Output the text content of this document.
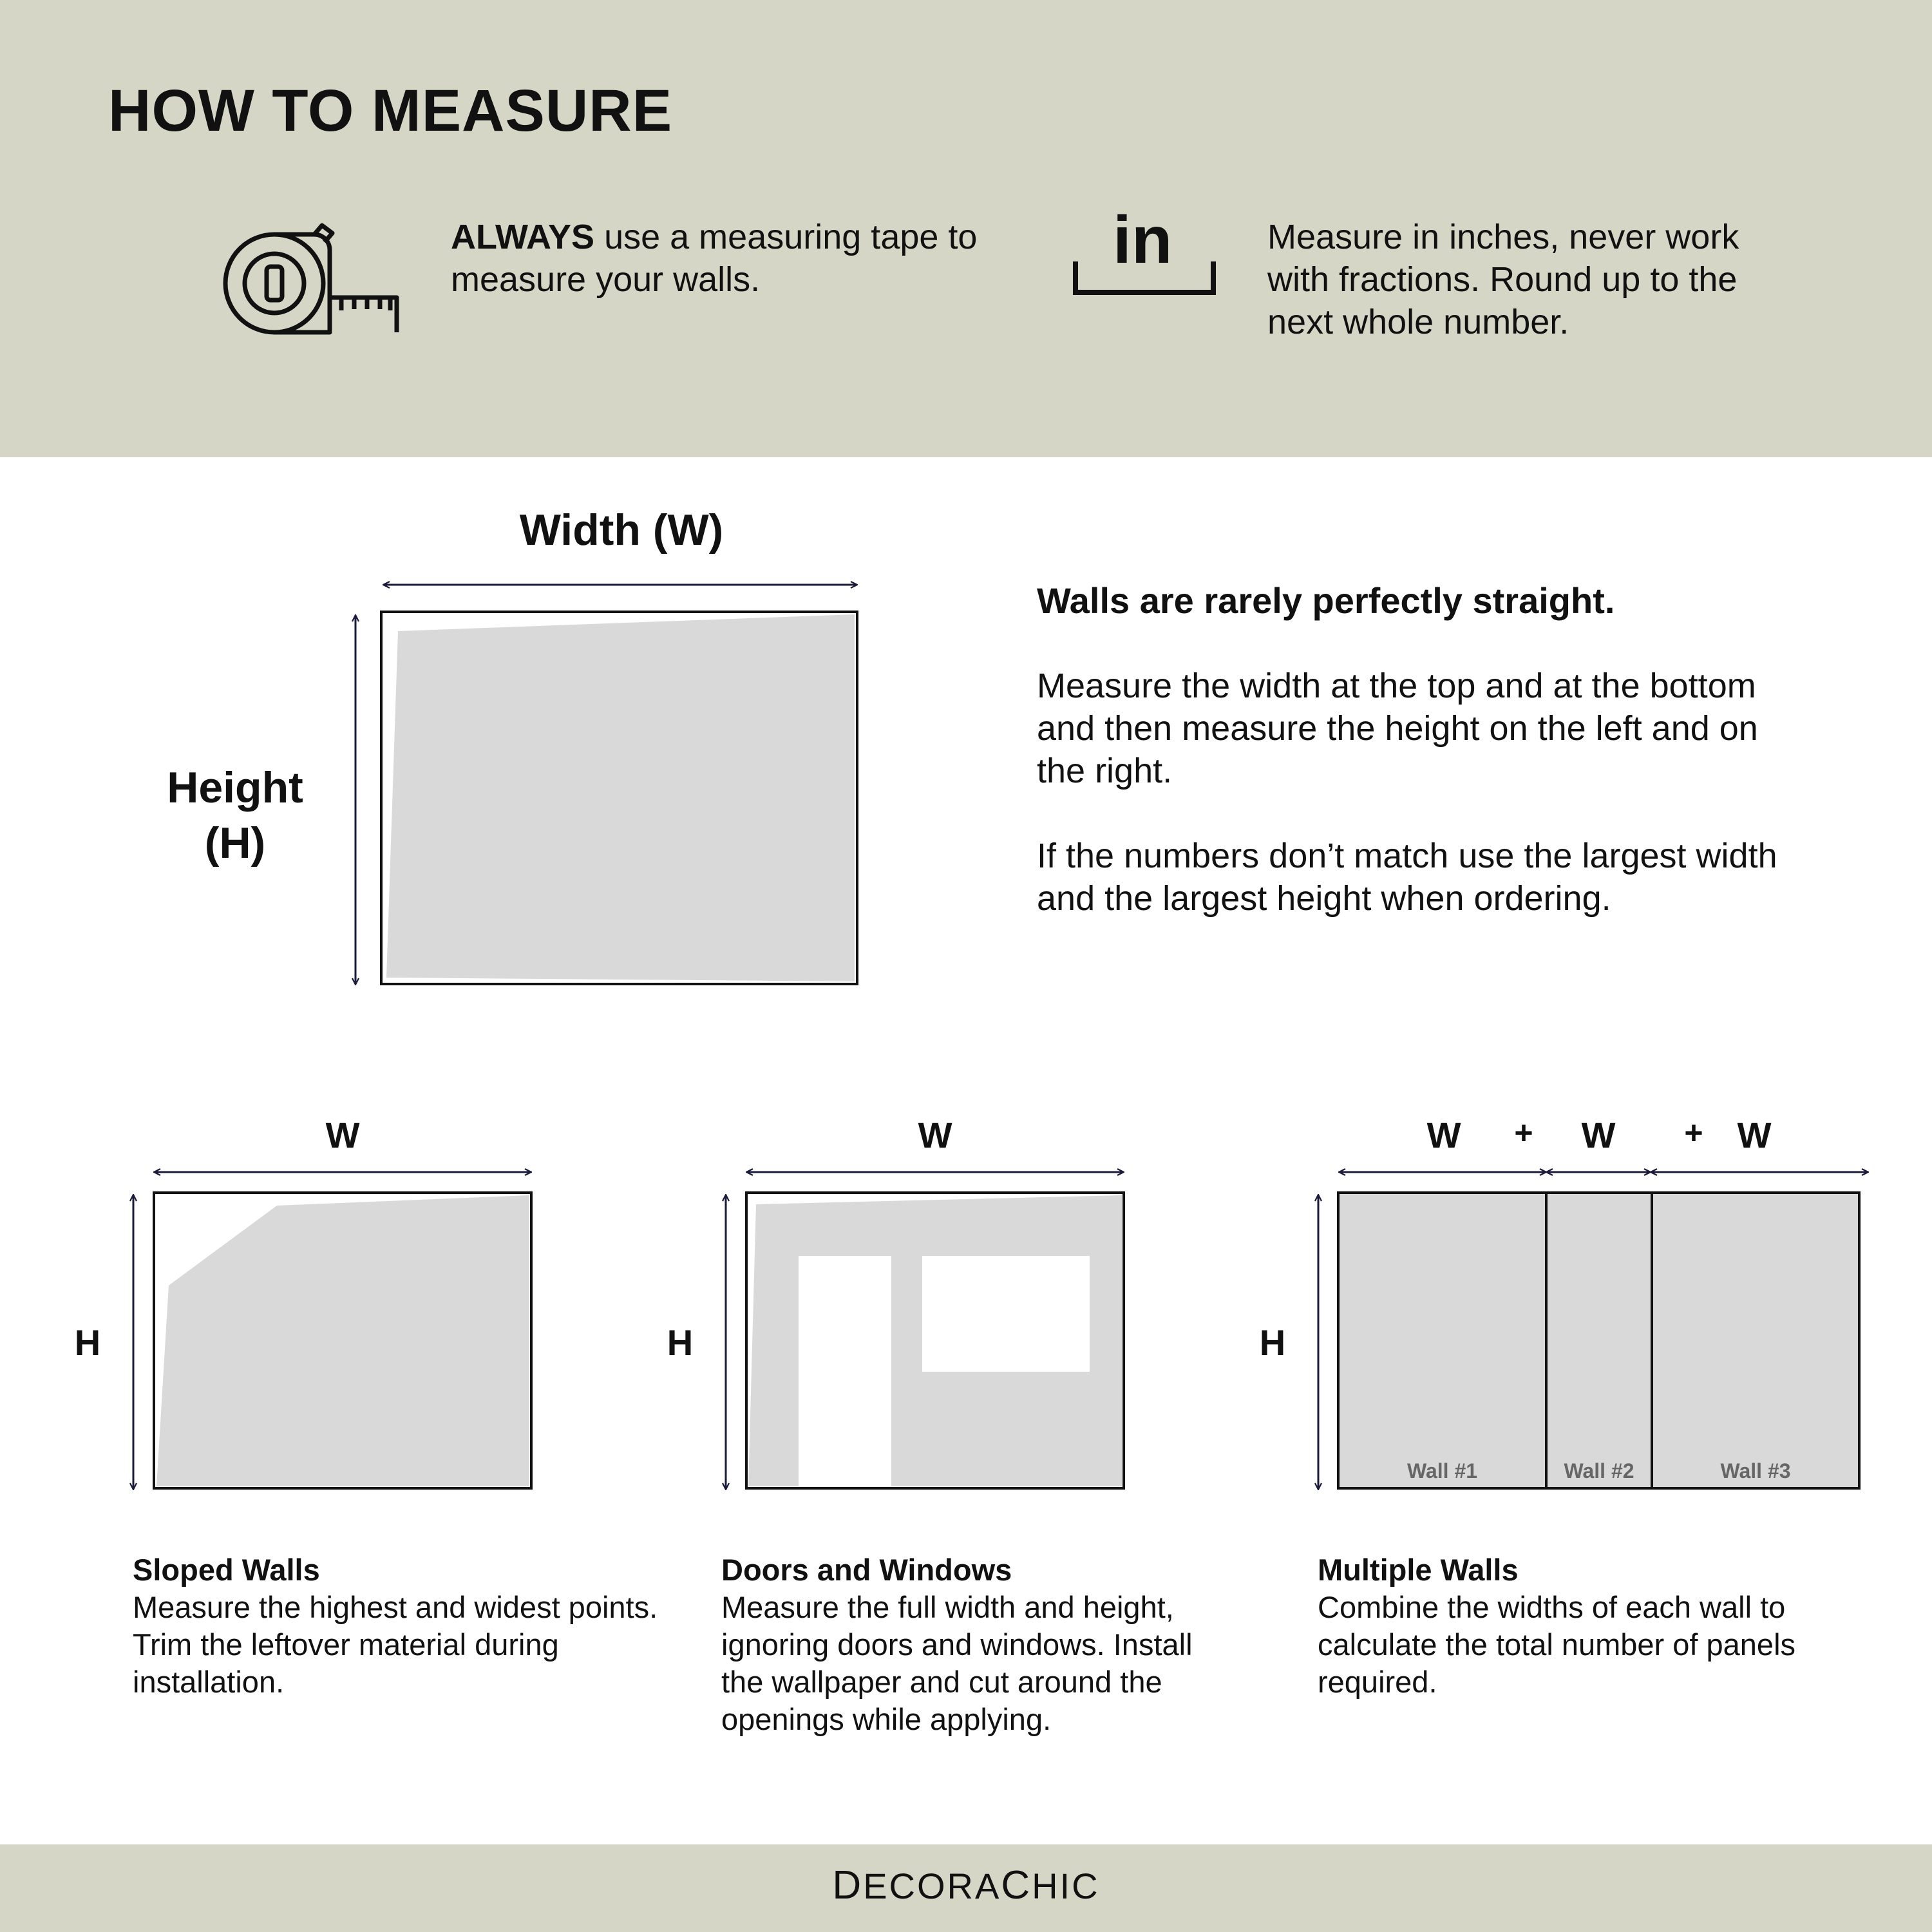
HOW TO MEASURE
ALWAYS use a measuring tape to measure your walls.
in	Measure in inches, never work with fractions. Round up to the next whole number.
Width (W)
Height
(H)
Walls are rarely perfectly straight.
Measure the width at the top and at the bottom and then measure the height on the left and on the right.
If the numbers don’t match use the largest width and the largest height when ordering.
W
H
Sloped Walls
Measure the highest and widest points. Trim the leftover material during installation.
W
H
Doors and Windows
Measure the full width and height, ignoring doors and windows. Install the wallpaper and cut around the openings while applying.
W	+	W	+ W
H
Wall #1	Wall #2	Wall #3
Multiple Walls
Combine the widths of each wall to calculate the total number of panels required.
DECORACHIC
